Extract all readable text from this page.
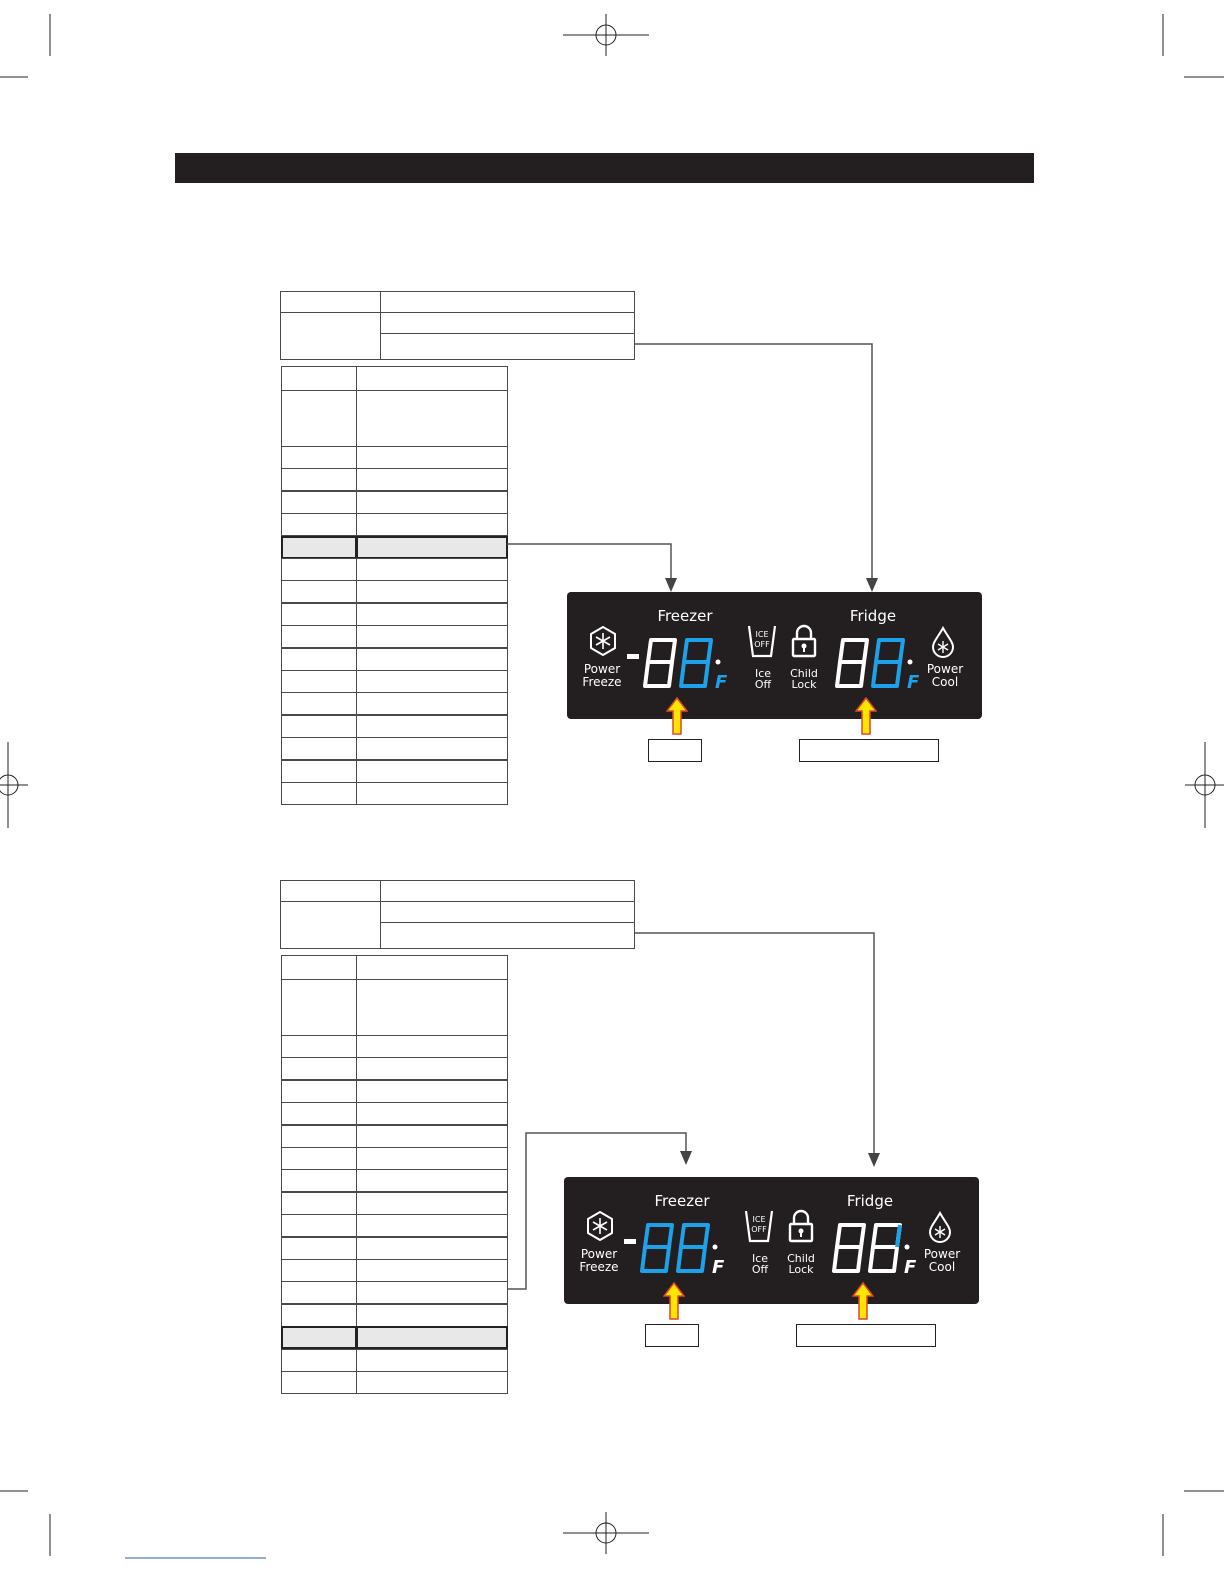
Freezer	Fridge
Power
Freeze
ICE
OFF
Ice
Off
Child
Lock
Power
Cool
F	F
Freezer	Fridge
Power
Freeze
ICE
OFF
Ice
Off
Child
Lock
Power
Cool
F	F
